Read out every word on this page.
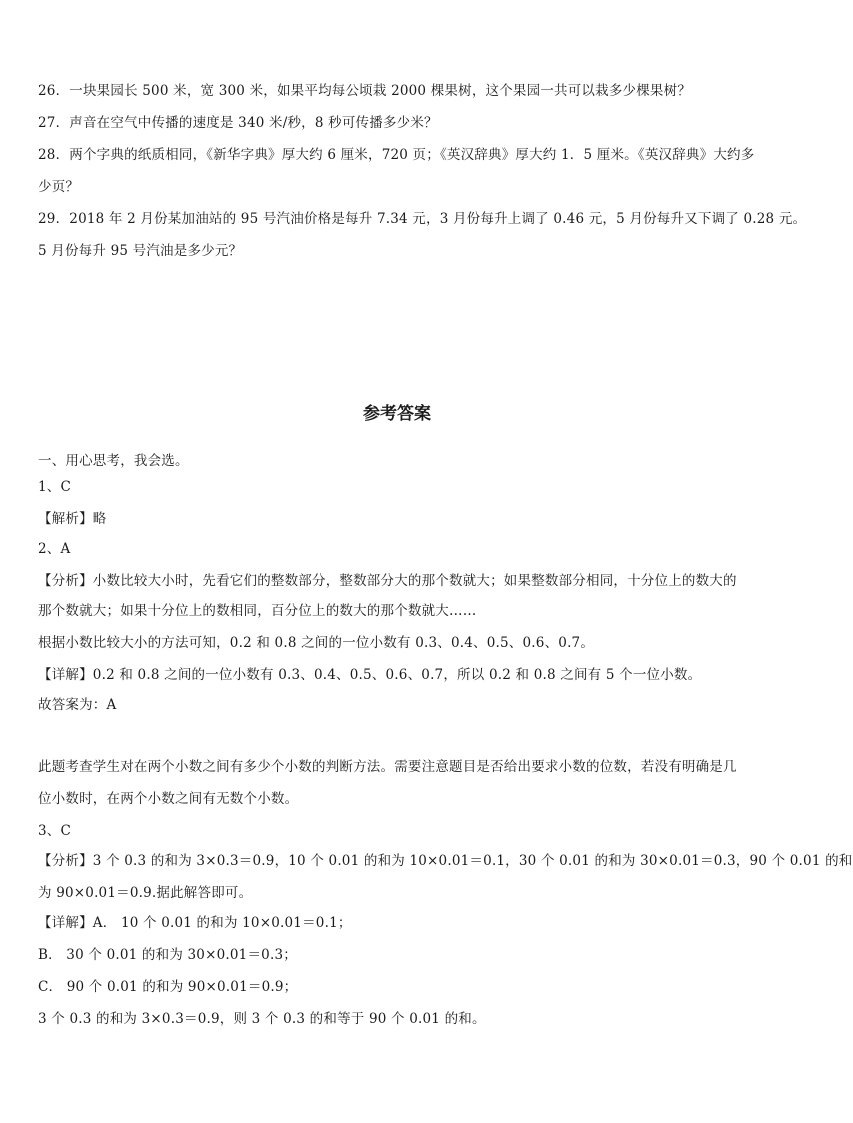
26．一块果园长 500 米，宽 300 米，如果平均每公顷栽 2000 棵果树，这个果园一共可以栽多少棵果树？
27．声音在空气中传播的速度是 340 米/秒，8 秒可传播多少米？
28．两个字典的纸质相同，《新华字典》厚大约 6 厘米，720 页；《英汉辞典》厚大约 1．5 厘米。《英汉辞典》大约多
少页？
29．2018 年 2 月份某加油站的 95 号汽油价格是每升 7.34 元，3 月份每升上调了 0.46 元，5 月份每升又下调了 0.28 元。
5 月份每升 95 号汽油是多少元？
参考答案
一、用心思考，我会选。
1、C
【解析】略
2、A
【分析】小数比较大小时，先看它们的整数部分，整数部分大的那个数就大；如果整数部分相同，十分位上的数大的
那个数就大；如果十分位上的数相同，百分位上的数大的那个数就大……
根据小数比较大小的方法可知，0.2 和 0.8 之间的一位小数有 0.3、0.4、0.5、0.6、0.7。
【详解】0.2 和 0.8 之间的一位小数有 0.3、0.4、0.5、0.6、0.7，所以 0.2 和 0.8 之间有 5 个一位小数。
故答案为：A
此题考查学生对在两个小数之间有多少个小数的判断方法。需要注意题目是否给出要求小数的位数，若没有明确是几
位小数时，在两个小数之间有无数个小数。
3、C
【分析】3 个 0.3 的和为 3×0.3＝0.9，10 个 0.01 的和为 10×0.01＝0.1，30 个 0.01 的和为 30×0.01＝0.3，90 个 0.01 的和
为 90×0.01＝0.9.据此解答即可。
【详解】A． 10 个 0.01 的和为 10×0.01＝0.1；
B． 30 个 0.01 的和为 30×0.01＝0.3；
C． 90 个 0.01 的和为 90×0.01＝0.9；
3 个 0.3 的和为 3×0.3＝0.9，则 3 个 0.3 的和等于 90 个 0.01 的和。
